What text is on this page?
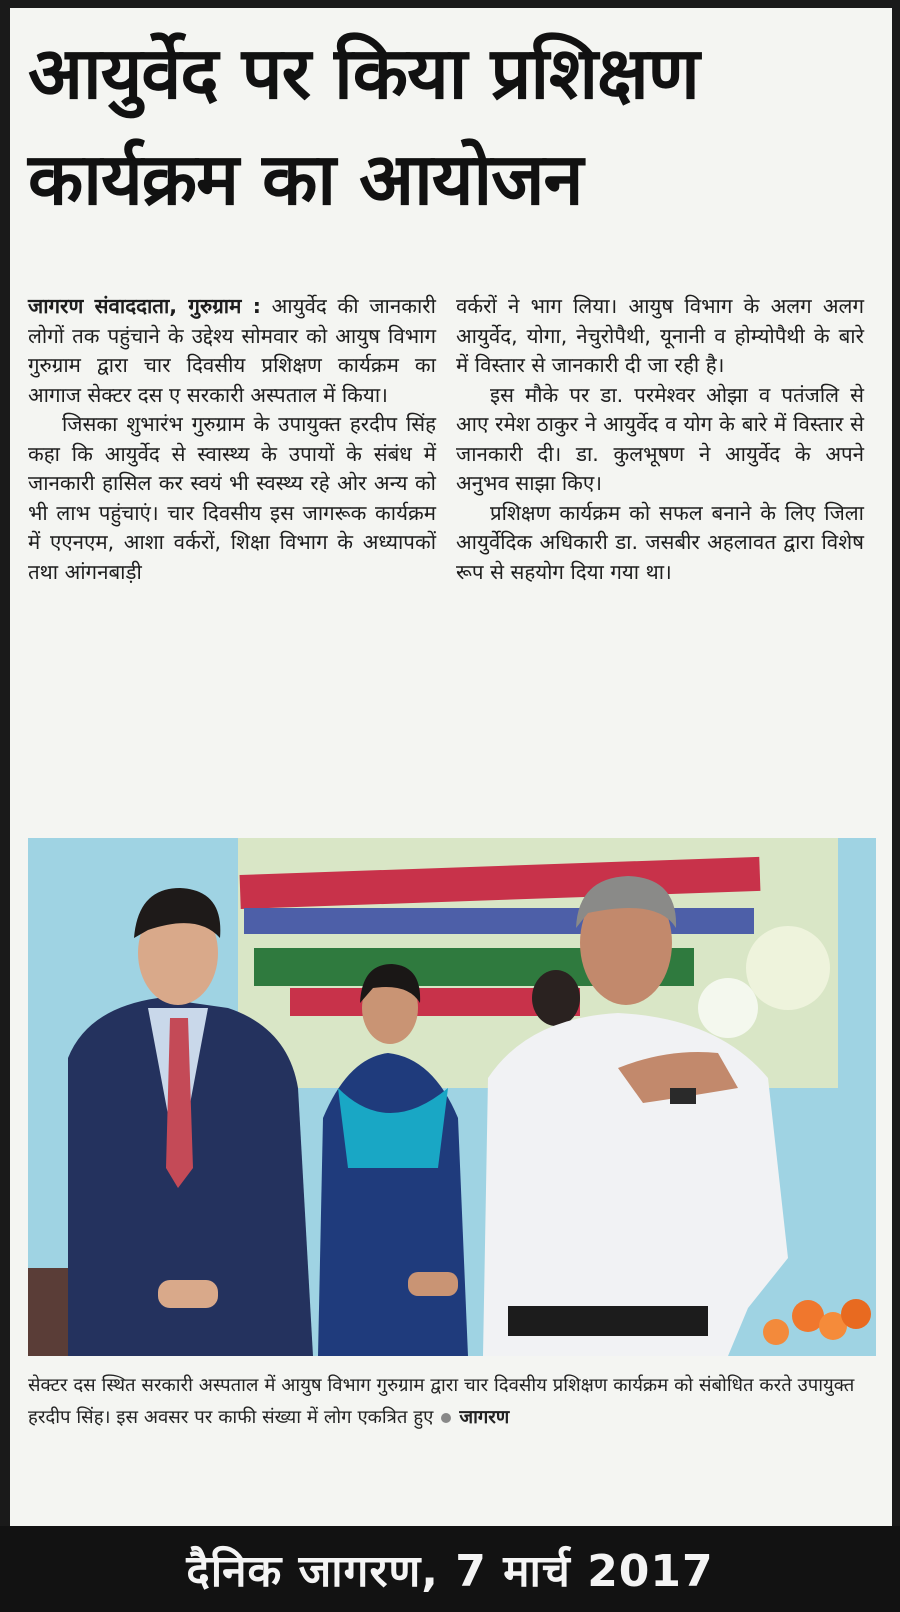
आयुर्वेद पर किया प्रशिक्षण
कार्यक्रम का आयोजन

जागरण संवाददाता, गुरुग्राम : आयुर्वेद की जानकारी लोगों तक पहुंचाने के उद्देश्य सोमवार को आयुष विभाग गुरुग्राम द्वारा चार दिवसीय प्रशिक्षण कार्यक्रम का आगाज सेक्टर दस ए सरकारी अस्पताल में किया।

जिसका शुभारंभ गुरुग्राम के उपायुक्त हरदीप सिंह कहा कि आयुर्वेद से स्वास्थ्य के उपायों के संबंध में जानकारी हासिल कर स्वयं भी स्वस्थ्य रहे ओर अन्य को भी लाभ पहुंचाएं। चार दिवसीय इस जागरूक कार्यक्रम में एएनएम, आशा वर्करों, शिक्षा विभाग के अध्यापकों तथा आंगनबाड़ी

वर्करों ने भाग लिया। आयुष विभाग के अलग अलग आयुर्वेद, योगा, नेचुरोपैथी, यूनानी व होम्योपैथी के बारे में विस्तार से जानकारी दी जा रही है।

इस मौके पर डा. परमेश्वर ओझा व पतंजलि से आए रमेश ठाकुर ने आयुर्वेद व योग के बारे में विस्तार से जानकारी दी। डा. कुलभूषण ने आयुर्वेद के अपने अनुभव साझा किए।

प्रशिक्षण कार्यक्रम को सफल बनाने के लिए जिला आयुर्वेदिक अधिकारी डा. जसबीर अहलावत द्वारा विशेष रूप से सहयोग दिया गया था।

सेक्टर दस स्थित सरकारी अस्पताल में आयुष विभाग गुरुग्राम द्वारा चार दिवसीय प्रशिक्षण कार्यक्रम को संबोधित करते उपायुक्त हरदीप सिंह। इस अवसर पर काफी संख्या में लोग एकत्रित हुए जागरण
दैनिक जागरण, 7 मार्च 2017
